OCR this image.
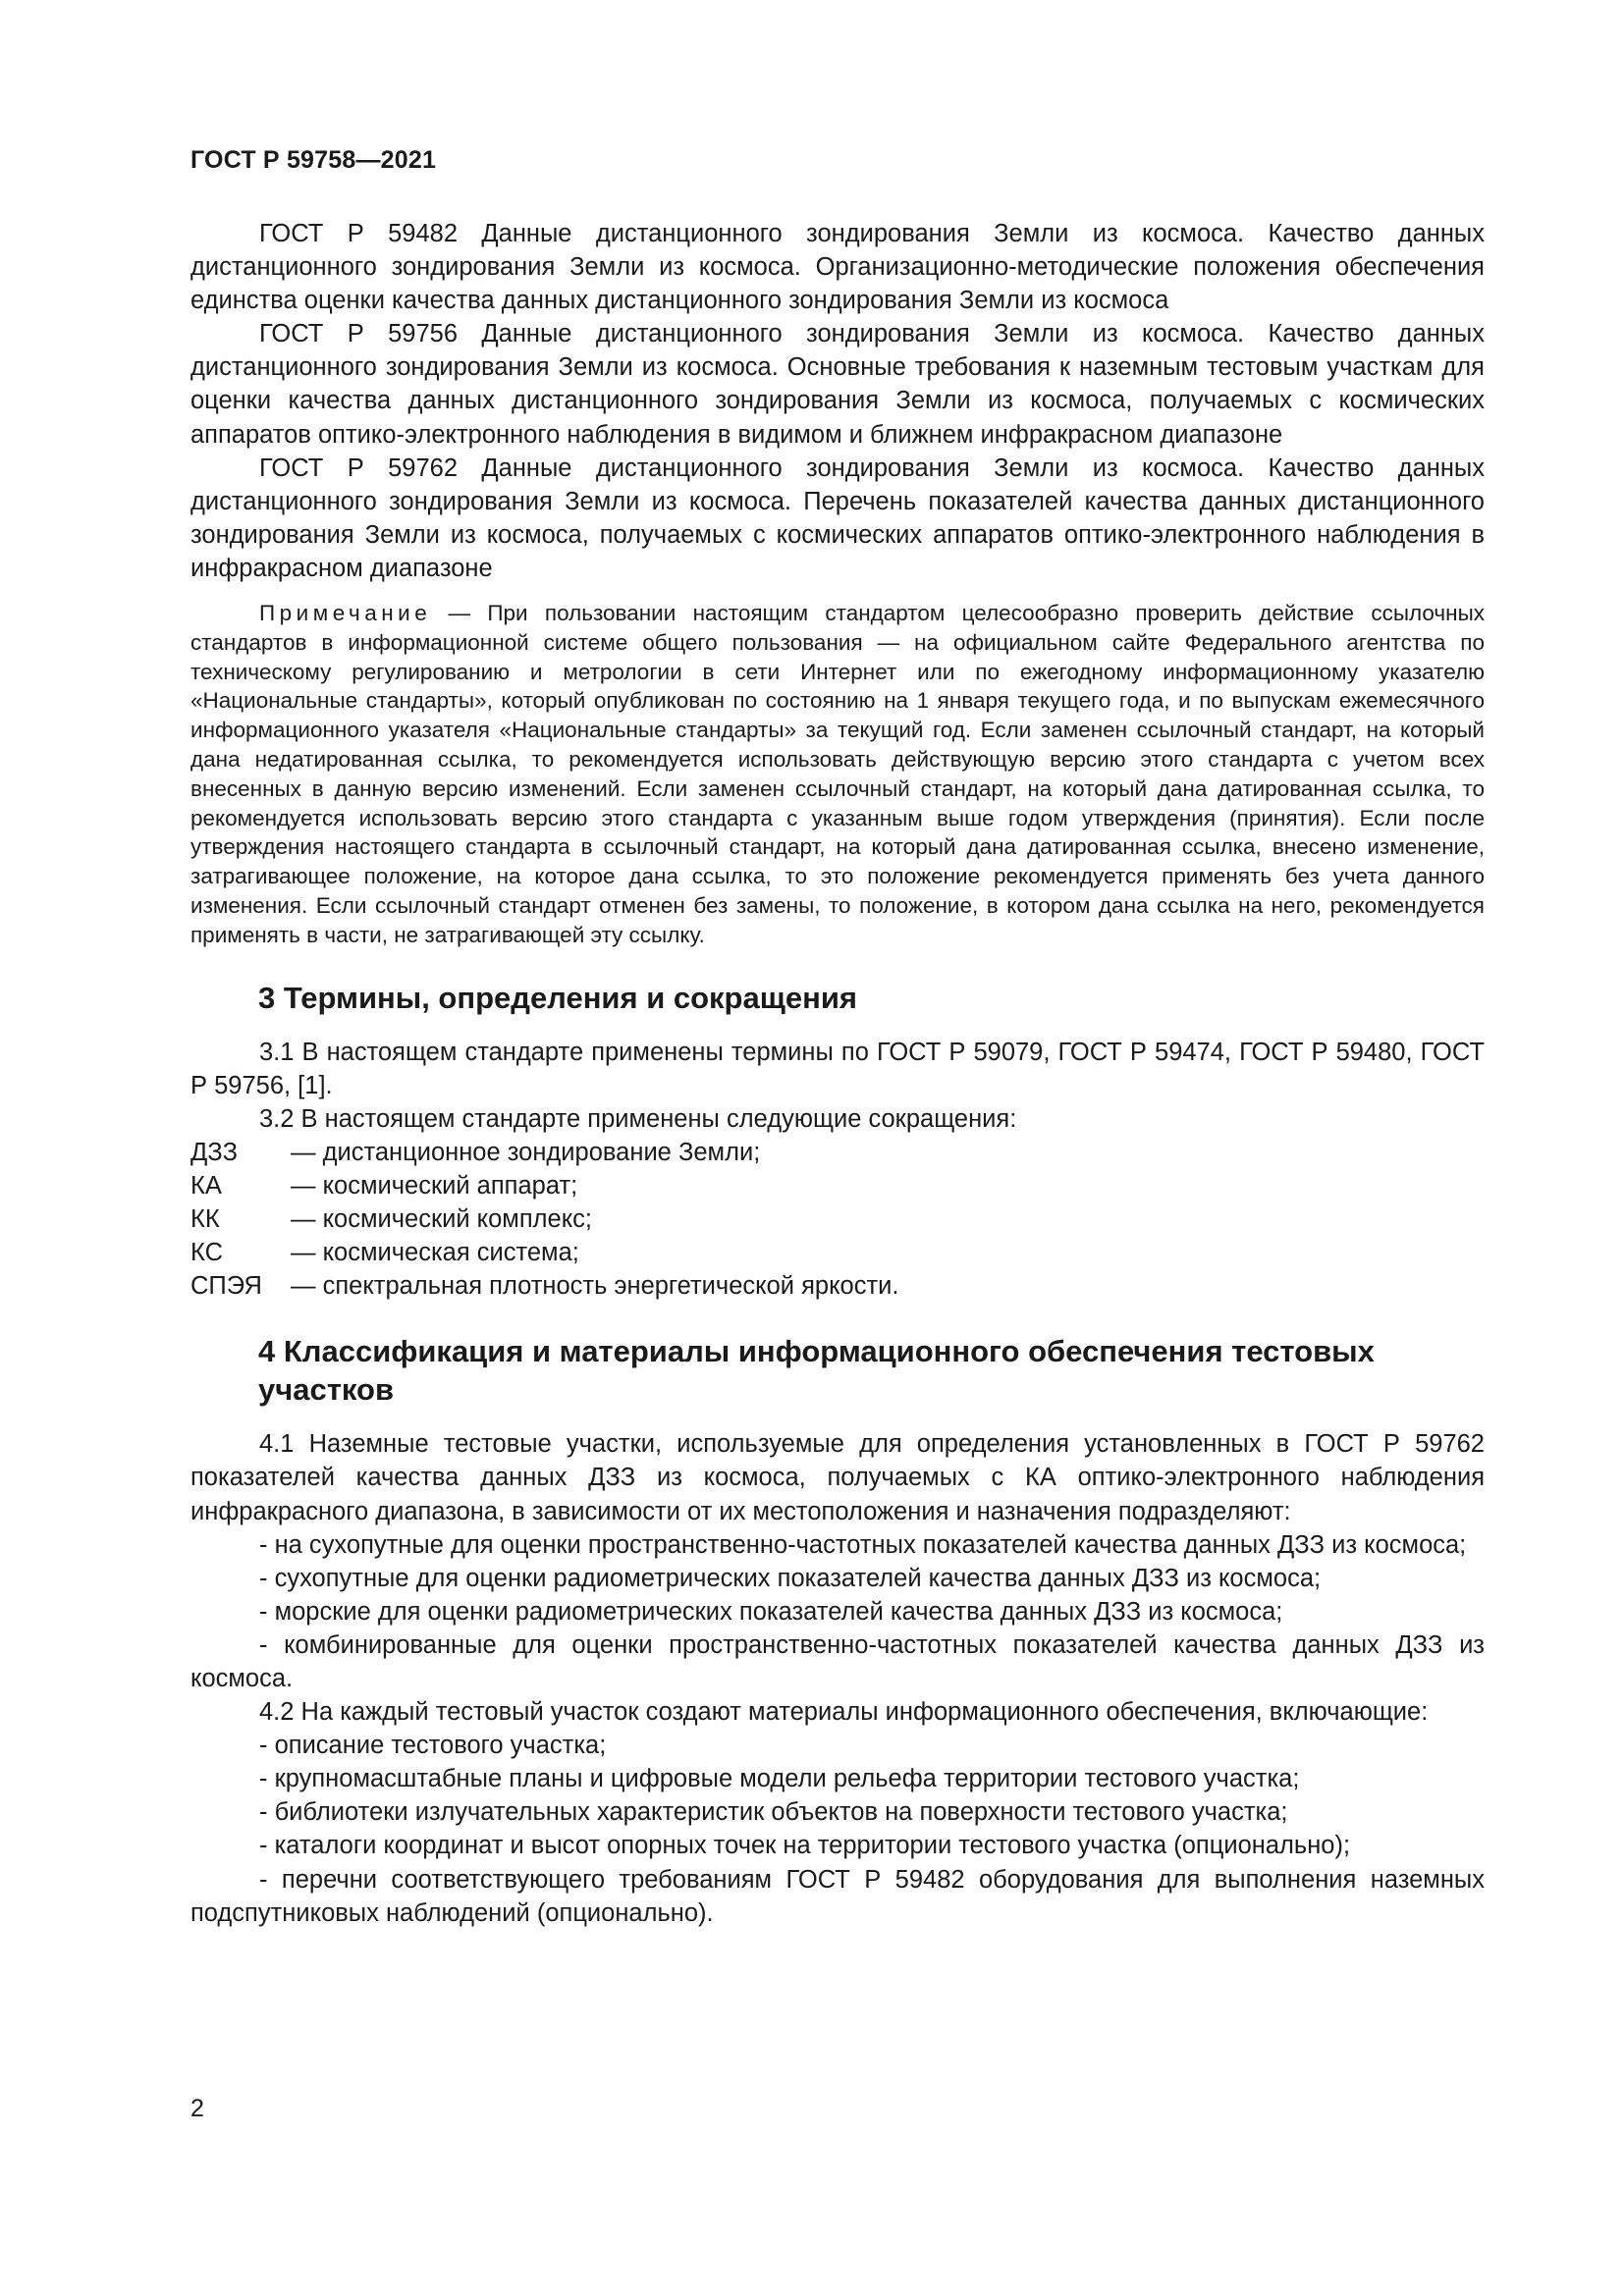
ГОСТ Р 59758—2021

ГОСТ Р 59482 Данные дистанционного зондирования Земли из космоса. Качество данных дистанционного зондирования Земли из космоса. Организационно-методические положения обеспечения единства оценки качества данных дистанционного зондирования Земли из космоса

ГОСТ Р 59756 Данные дистанционного зондирования Земли из космоса. Качество данных дистанционного зондирования Земли из космоса. Основные требования к наземным тестовым участкам для оценки качества данных дистанционного зондирования Земли из космоса, получаемых с космических аппаратов оптико-электронного наблюдения в видимом и ближнем инфракрасном диапазоне

ГОСТ Р 59762 Данные дистанционного зондирования Земли из космоса. Качество данных дистанционного зондирования Земли из космоса. Перечень показателей качества данных дистанционного зондирования Земли из космоса, получаемых с космических аппаратов оптико-электронного наблюдения в инфракрасном диапазоне

Примечание — При пользовании настоящим стандартом целесообразно проверить действие ссылочных стандартов в информационной системе общего пользования — на официальном сайте Федерального агентства по техническому регулированию и метрологии в сети Интернет или по ежегодному информационному указателю «Национальные стандарты», который опубликован по состоянию на 1 января текущего года, и по выпускам ежемесячного информационного указателя «Национальные стандарты» за текущий год. Если заменен ссылочный стандарт, на который дана недатированная ссылка, то рекомендуется использовать действующую версию этого стандарта с учетом всех внесенных в данную версию изменений. Если заменен ссылочный стандарт, на который дана датированная ссылка, то рекомендуется использовать версию этого стандарта с указанным выше годом утверждения (принятия). Если после утверждения настоящего стандарта в ссылочный стандарт, на который дана датированная ссылка, внесено изменение, затрагивающее положение, на которое дана ссылка, то это положение рекомендуется применять без учета данного изменения. Если ссылочный стандарт отменен без замены, то положение, в котором дана ссылка на него, рекомендуется применять в части, не затрагивающей эту ссылку.

3 Термины, определения и сокращения

3.1 В настоящем стандарте применены термины по ГОСТ Р 59079, ГОСТ Р 59474, ГОСТ Р 59480, ГОСТ Р 59756, [1].

3.2 В настоящем стандарте применены следующие сокращения:

ДЗЗ	— дистанционное зондирование Земли;
КА	— космический аппарат;
КК	— космический комплекс;
КС	— космическая система;
СПЭЯ	— спектральная плотность энергетической яркости.
4 Классификация и материалы информационного обеспечения тестовых участков

4.1 Наземные тестовые участки, используемые для определения установленных в ГОСТ Р 59762 показателей качества данных ДЗЗ из космоса, получаемых с КА оптико-электронного наблюдения инфракрасного диапазона, в зависимости от их местоположения и назначения подразделяют:

- на сухопутные для оценки пространственно-частотных показателей качества данных ДЗЗ из космоса;

- сухопутные для оценки радиометрических показателей качества данных ДЗЗ из космоса;

- морские для оценки радиометрических показателей качества данных ДЗЗ из космоса;

- комбинированные для оценки пространственно-частотных показателей качества данных ДЗЗ из космоса.

4.2 На каждый тестовый участок создают материалы информационного обеспечения, включающие:

- описание тестового участка;

- крупномасштабные планы и цифровые модели рельефа территории тестового участка;

- библиотеки излучательных характеристик объектов на поверхности тестового участка;

- каталоги координат и высот опорных точек на территории тестового участка (опционально);

- перечни соответствующего требованиям ГОСТ Р 59482 оборудования для выполнения наземных подспутниковых наблюдений (опционально).

2
